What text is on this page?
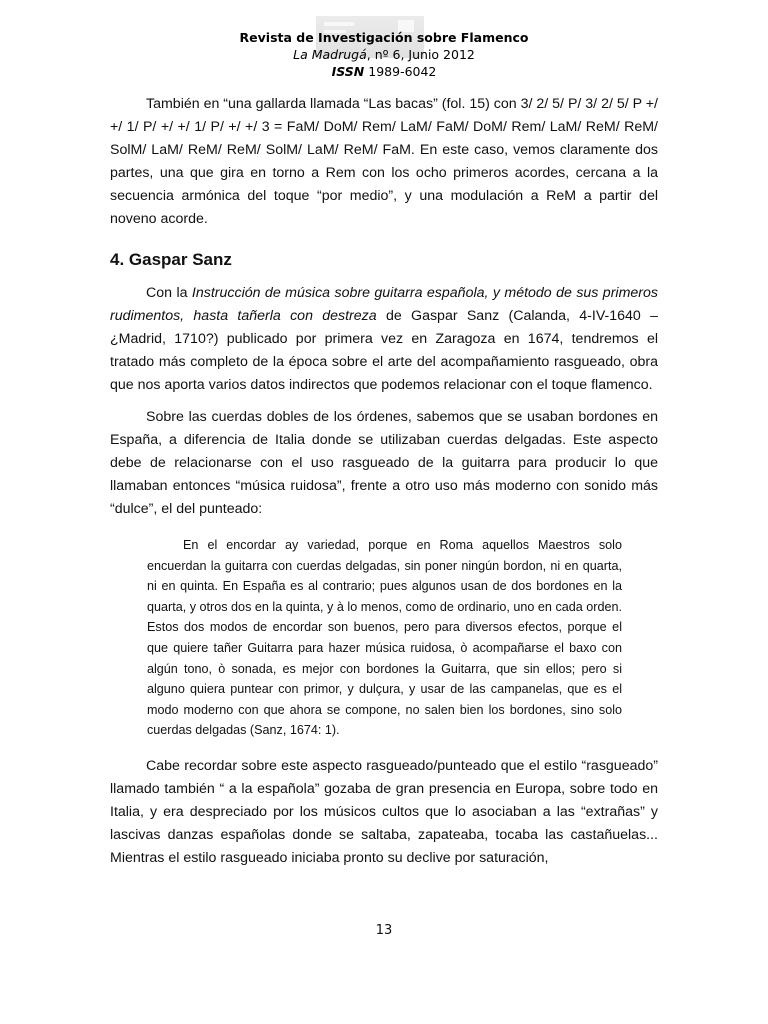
Revista de Investigación sobre Flamenco
La Madrugá, nº 6, Junio 2012
ISSN 1989-6042

También en “una gallarda llamada “Las bacas” (fol. 15) con 3/ 2/ 5/ P/ 3/ 2/ 5/ P +/ +/ 1/ P/ +/ +/ 1/ P/ +/ +/ 3 = FaM/ DoM/ Rem/ LaM/ FaM/ DoM/ Rem/ LaM/ ReM/ ReM/ SolM/ LaM/ ReM/ ReM/ SolM/ LaM/ ReM/ FaM. En este caso, vemos claramente dos partes, una que gira en torno a Rem con los ocho primeros acordes, cercana a la secuencia armónica del toque “por medio”, y una modulación a ReM a partir del noveno acorde.

4. Gaspar Sanz

Con la Instrucción de música sobre guitarra española, y método de sus primeros rudimentos, hasta tañerla con destreza de Gaspar Sanz (Calanda, 4-IV-1640 – ¿Madrid, 1710?) publicado por primera vez en Zaragoza en 1674, tendremos el tratado más completo de la época sobre el arte del acompañamiento rasgueado, obra que nos aporta varios datos indirectos que podemos relacionar con el toque flamenco.

Sobre las cuerdas dobles de los órdenes, sabemos que se usaban bordones en España, a diferencia de Italia donde se utilizaban cuerdas delgadas. Este aspecto debe de relacionarse con el uso rasgueado de la guitarra para producir lo que llamaban entonces “música ruidosa”, frente a otro uso más moderno con sonido más “dulce”, el del punteado:

En el encordar ay variedad, porque en Roma aquellos Maestros solo encuerdan la guitarra con cuerdas delgadas, sin poner ningún bordon, ni en quarta, ni en quinta. En España es al contrario; pues algunos usan de dos bordones en la quarta, y otros dos en la quinta, y à lo menos, como de ordinario, uno en cada orden. Estos dos modos de encordar son buenos, pero para diversos efectos, porque el que quiere tañer Guitarra para hazer música ruidosa, ò acompañarse el baxo con algún tono, ò sonada, es mejor con bordones la Guitarra, que sin ellos; pero si alguno quiera puntear con primor, y dulçura, y usar de las campanelas, que es el modo moderno con que ahora se compone, no salen bien los bordones, sino solo cuerdas delgadas (Sanz, 1674: 1).

Cabe recordar sobre este aspecto rasgueado/punteado que el estilo “rasgueado” llamado también “ a la española” gozaba de gran presencia en Europa, sobre todo en Italia, y era despreciado por los músicos cultos que lo asociaban a las “extrañas” y lascivas danzas españolas donde se saltaba, zapateaba, tocaba las castañuelas... Mientras el estilo rasgueado iniciaba pronto su declive por saturación,

13
